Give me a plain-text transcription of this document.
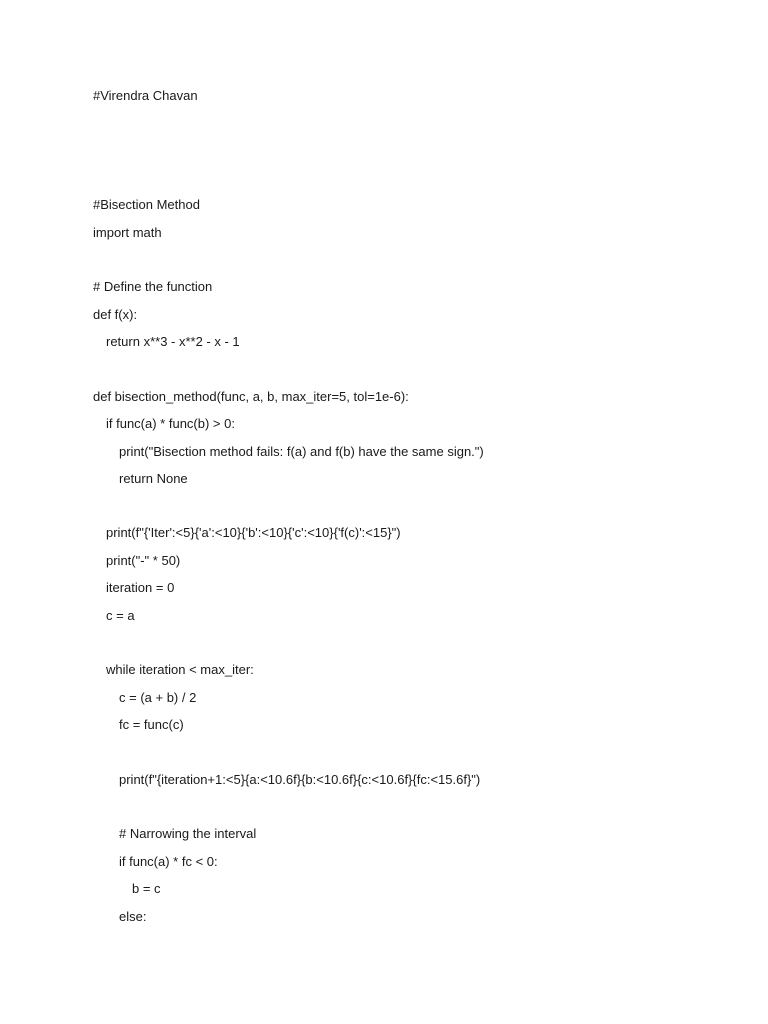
#Virendra Chavan
#Bisection Method
import math
# Define the function
def f(x):
return x**3 - x**2 - x - 1
def bisection_method(func, a, b, max_iter=5, tol=1e-6):
if func(a) * func(b) > 0:
print("Bisection method fails: f(a) and f(b) have the same sign.")
return None
print(f"{'Iter':<5}{'a':<10}{'b':<10}{'c':<10}{'f(c)':<15}")
print("-" * 50)
iteration = 0
c = a
while iteration < max_iter:
c = (a + b) / 2
fc = func(c)
print(f"{iteration+1:<5}{a:<10.6f}{b:<10.6f}{c:<10.6f}{fc:<15.6f}")
# Narrowing the interval
if func(a) * fc < 0:
b = c
else:
